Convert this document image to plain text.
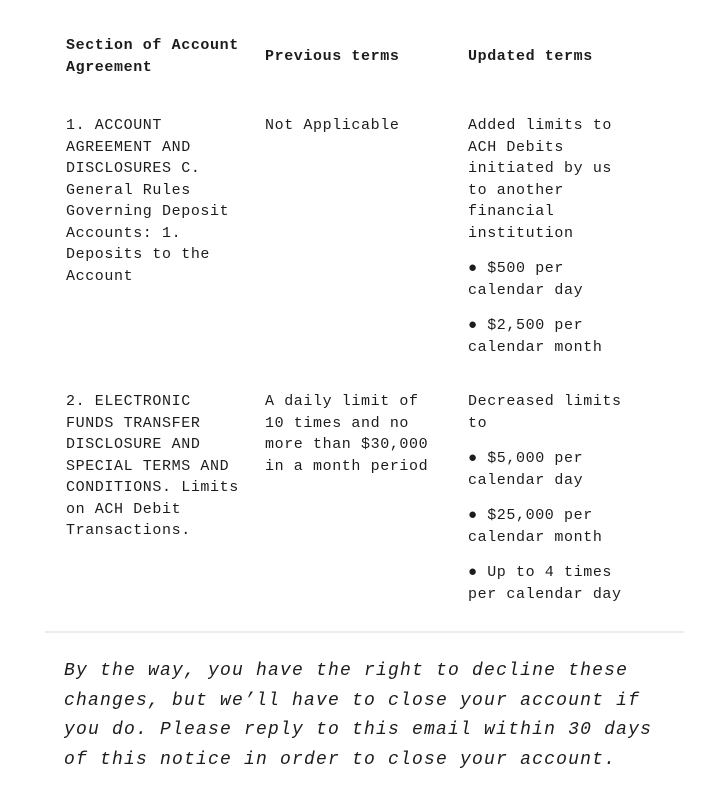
Section of Account Agreement
Previous terms	Updated terms
1. ACCOUNT AGREEMENT AND DISCLOSURES C. General Rules Governing Deposit Accounts: 1. Deposits to the Account
Not Applicable	Added limits to ACH Debits initiated by us to another financial institution

● $500 per calendar day

● $2,500 per calendar month

2. ELECTRONIC FUNDS TRANSFER DISCLOSURE AND SPECIAL TERMS AND CONDITIONS. Limits on ACH Debit Transactions.
A daily limit of 10 times and no more than $30,000 in a month period

Decreased limits to

● $5,000 per calendar day

● $25,000 per calendar month

● Up to 4 times per calendar day

By the way, you have the right to decline these changes, but we’ll have to close your account if you do. Please reply to this email within 30 days of this notice in order to close your account.
